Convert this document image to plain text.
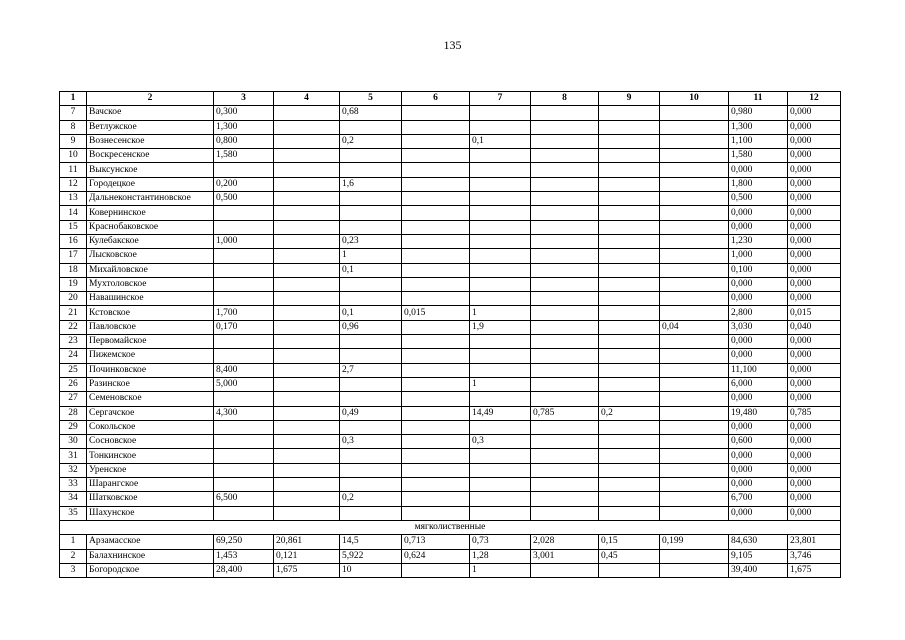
135
1	2	3	4	5	6	7	8	9	10	11	12
7	Вачское	0,300		0,68						0,980	0,000
8	Ветлужское	1,300								1,300	0,000
9	Вознесенское	0,800		0,2		0,1				1,100	0,000
10	Воскресенское	1,580								1,580	0,000
11	Выксунское									0,000	0,000
12	Городецкое	0,200		1,6						1,800	0,000
13	Дальнеконстантиновское	0,500								0,500	0,000
14	Ковернинское									0,000	0,000
15	Краснобаковское									0,000	0,000
16	Кулебакское	1,000		0,23						1,230	0,000
17	Лысковское			1						1,000	0,000
18	Михайловское			0,1						0,100	0,000
19	Мухтоловское									0,000	0,000
20	Навашинское									0,000	0,000
21	Кстовское	1,700		0,1	0,015	1				2,800	0,015
22	Павловское	0,170		0,96		1,9			0,04	3,030	0,040
23	Первомайское									0,000	0,000
24	Пижемское									0,000	0,000
25	Починковское	8,400		2,7						11,100	0,000
26	Разинское	5,000				1				6,000	0,000
27	Семеновское									0,000	0,000
28	Сергачское	4,300		0,49		14,49	0,785	0,2		19,480	0,785
29	Сокольское									0,000	0,000
30	Сосновское			0,3		0,3				0,600	0,000
31	Тонкинское									0,000	0,000
32	Уренское									0,000	0,000
33	Шарангское									0,000	0,000
34	Шатковское	6,500		0,2						6,700	0,000
35	Шахунское									0,000	0,000
мягколиственные											
1	Арзамасское	69,250	20,861	14,5	0,713	0,73	2,028	0,15	0,199	84,630	23,801
2	Балахнинское	1,453	0,121	5,922	0,624	1,28	3,001	0,45		9,105	3,746
3	Богородское	28,400	1,675	10		1				39,400	1,675
